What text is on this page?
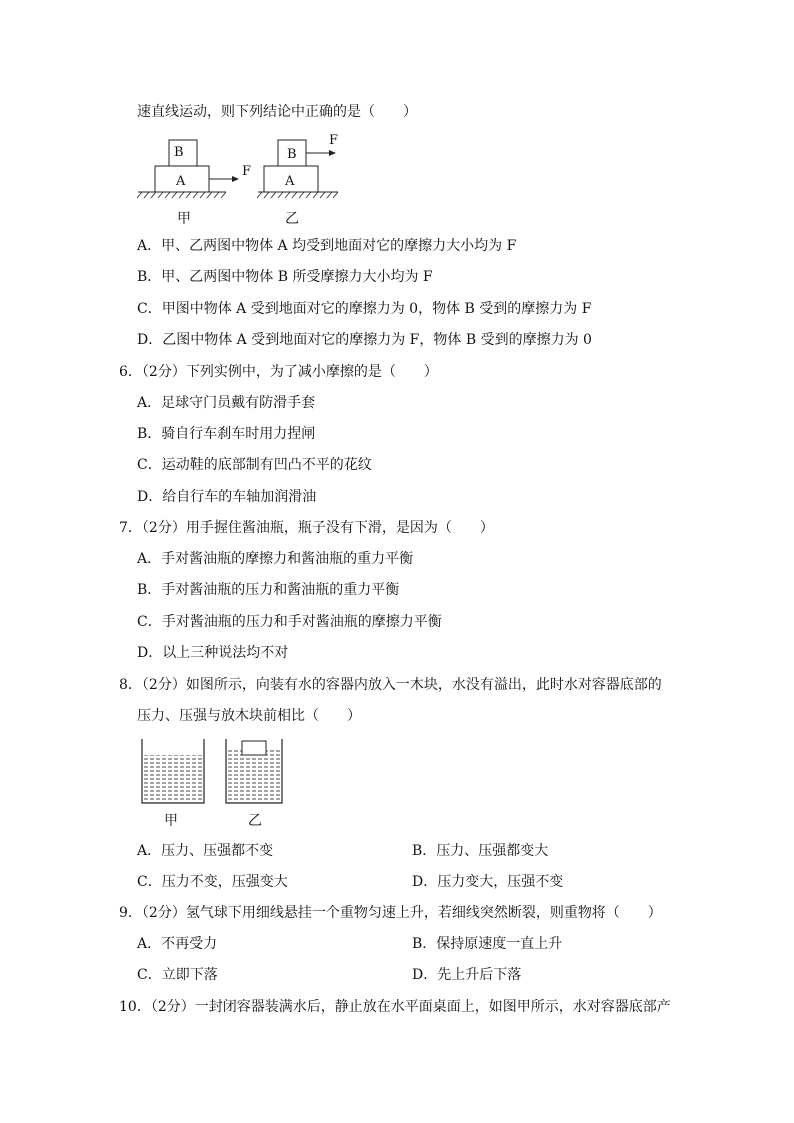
速直线运动，则下列结论中正确的是（　　）
B
A
F
B
A
F
甲	乙
A．甲、乙两图中物体 A 均受到地面对它的摩擦力大小均为 F
B．甲、乙两图中物体 B 所受摩擦力大小均为 F
C．甲图中物体 A 受到地面对它的摩擦力为 0，物体 B 受到的摩擦力为 F
D．乙图中物体 A 受到地面对它的摩擦力为 F，物体 B 受到的摩擦力为 0
6．（2分）下列实例中，为了减小摩擦的是（　　）
A．足球守门员戴有防滑手套
B．骑自行车刹车时用力捏闸
C．运动鞋的底部制有凹凸不平的花纹
D．给自行车的车轴加润滑油
7．（2分）用手握住酱油瓶，瓶子没有下滑，是因为（　　）
A．手对酱油瓶的摩擦力和酱油瓶的重力平衡
B．手对酱油瓶的压力和酱油瓶的重力平衡
C．手对酱油瓶的压力和手对酱油瓶的摩擦力平衡
D．以上三种说法均不对
8．（2分）如图所示，向装有水的容器内放入一木块，水没有溢出，此时水对容器底部的
压力、压强与放木块前相比（　　）
甲	乙
A．压力、压强都不变	B．压力、压强都变大
C．压力不变，压强变大	D．压力变大，压强不变
9．（2分）氢气球下用细线悬挂一个重物匀速上升，若细线突然断裂，则重物将（　　）
A．不再受力	B．保持原速度一直上升
C．立即下落	D．先上升后下落
10．（2分）一封闭容器装满水后，静止放在水平面桌面上，如图甲所示，水对容器底部产
